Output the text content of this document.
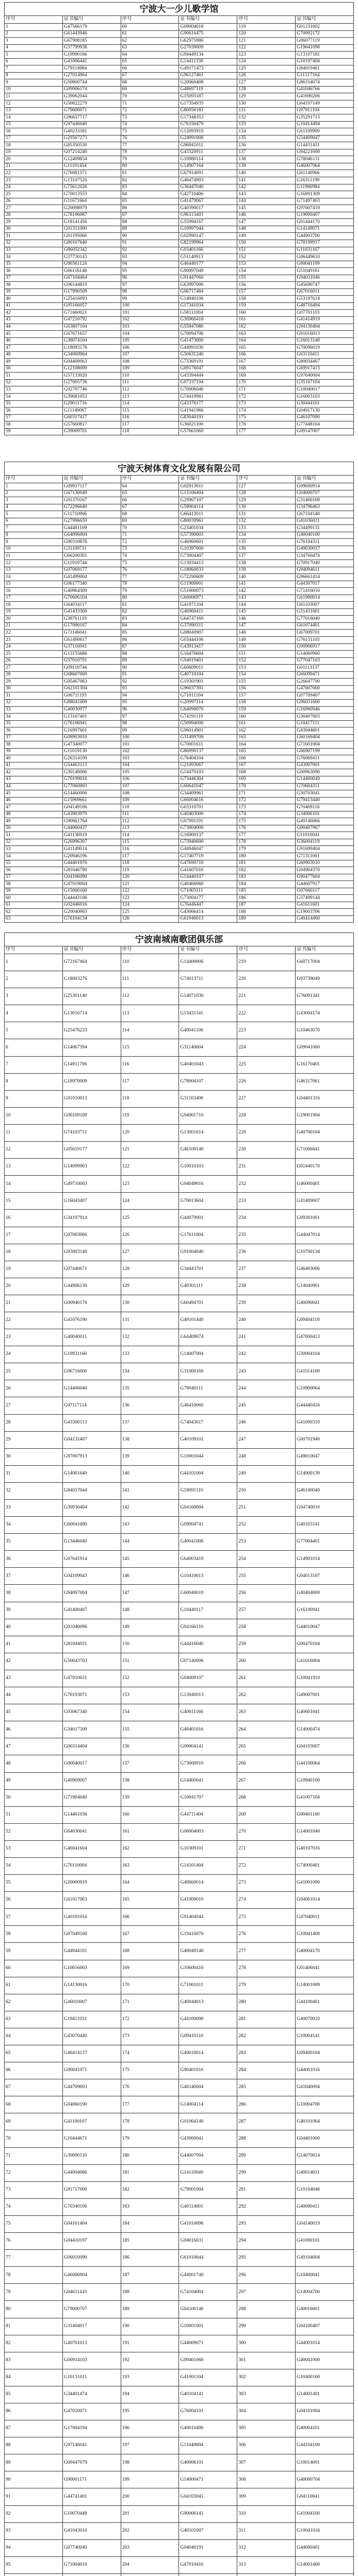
宁波大一少儿歌学馆					
序号	证书编号	序号	证书编号	序号	证书编号
1	G47566179	60	G09004018	119	G01231002
2	G61443946	61	G90616475	120	G70992172
3	G67908185	62	G62975986	121	G06077119
4	G37799938	63	G27039009	122	G19641098
5	G19990166	64	G94449134	123	G13107181
6	G41006441	65	G14411336	124	G10197404
7	G79114984	66	G49171473	125	G84019461
8	G27014964	67	G96127461	126	G11317164
9	G50800744	68	G20060408	127	G86104074
10	G09006174	69	G48697119	128	G41046766
11	G39062044	70	G15093187	129	G41690206
12	G50822279	71	G17354935	130	G64197149
13	G79600071	72	G80056181	131	G97911104
14	G96657717	73	G17348353	132	G35291713
15	G97446040	74	G76150479	133	G10414494
16	G40233181	75	G12093919	134	G61199909
17	G29567273	76	G24991008	135	G54409047
18	G85350530	77	G96941011	136	G14431411
19	G07214240	78	G43320911	137	G94221600
20	G12409834	79	G10980114	138	G78046131
21	G11101454	80	G14907164	139	G46007064
22	G76081571	81	G67914091	140	G61140966
23	G13107526	82	G46474903	141	G16311199
24	G75612026	83	G36447040	142	G11980984
25	G70013553	84	G42710406	143	G16991309
26	G11671664	85	G41479067	144	G71497403
27	G20098979	86	G40390017	145	G97607419
28	G78106087	87	G96113403	146	G19000407
29	G18141456	88	G55994167	147	G01444170
30	G01311000	89	G10997044	148	G14149071
31	G01195066	90	G02990147	149	G44903700
32	G80167640	91	G82199964	150	G78199917
33	G86052342	92	G03401166	151	G11031167
34	G37730143	93	G51140913	152	G06449610
35	G90361124	94	G46440177	153	G00041109
36	G66116148	95	G90097049	154	G51049161
37	G67104464	96	G91447060	155	G94031046
38	G96144819	97	G63997090	156	G45690747
39	G17990509	98	G06717484	157	G67016011
40	G25416093	99	G14940106	158	G53197614
41	G95166057	100	G17341034	159	G48716494
42	G71660021	101	G58111004	160	G07701103
43	G47210792	102	G36960418	161	G41414919
44	G63807104	103	G55947080	162	G94130404
45	G67671657	104	G70094706	163	G91016013
46	G38074104	105	G41473000	164	G16013140
47	G18093178	106	G44991030	165	G70096019
48	G34069964	107	G50631240	166	G63110411
49	G04409063	108	G73369191	167	G80034467
50	G12108009	109	G09176047	168	G69917413
51	G57133020	110	G43394444	169	G97640004
52	G27005736	111	G07337194	170	G35167104
53	G02707746	112	G70006046	171	G10040017
54	G39681053	113	G74419981	172	G16003103
55	G29011716	114	G43376177	173	G30444101
56	G11149067	115	G41941966	174	G04917130
57	G60317417	116	G83040191	175	G46107090
58	G57660817	117	G36021100	176	G77448104
59	G39009701	118	G57661060	177	G09147007
宁波天树体育文化发展有限公司					
序号	证书编号	序号	证书编号	序号	证书编号
1	G09917117	64	G02913011	127	G09690914
2	G67130049	65	G13106404	128	G04000707
3	G01370167	66	G29967107	129	G31460109
4	G72296640	67	G59004114	130	G34796463
5	G11710906	68	G66413011	131	G67104140
6	G27996659	69	G80039961	132	G41036011
7	G44481109	70	G23401034	133	G34499131
8	G64096004	71	G57390003	134	G40040100
9	G90310876	72	G46960601	135	G76104311
10	G31109711	73	G10397000	136	G49030017
11	G66200301	74	G73004407	137	G34760474
12	G11910744	75	G13034413	138	G70917040
13	G07069177	76	G18060033	139	G94094611
14	G41499004	77	G72290609	140	G96661414
15	G06177340	78	G11909001	141	G44307017
16	G40964309	79	G51600073	142	G71416010
17	G70606104	80	G66006971	143	G61900014
18	G64034117	81	G41971104	144	G61103007
19	G41433300	82	G46960411	145	G31431601
20	G38761119	83	G64747169	146	G77016040
21	G17090167	84	G37090311	147	G61074401
22	G71146041	85	G08040907	148	G67009701
23	G61490617	86	G03444106	149	G76131103
24	G37116941	87	G43913417	150	G90906917
25	G13155686	88	G16476604	151	G14060960
26	G57010791	89	G94019401	152	G77047103
27	G09110744	90	G60609011	153	G01113137
28	G68607069	91	G40710104	154	G66099471
29	G05467063	92	G19301901	155	G26647790
30	G62101304	93	G96037391	156	G47607660
31	G06711193	94	G71011104	157	G07709407
32	G88041009	95	G20997114	158	G96031600
33	G40030977	96	G64090070	159	G16960946
34	G13167401	97	G74191119	160	G30407003
35	G76106941	98	G50994000	161	G10417111
36	G16997601	99	G96014901	162	G43944601
37	G08903010	100	G31499709	163	G60169404
38	G47340077	101	G70001611	164	G71601004
39	G11019130	102	G86990137	165	G66907199
40	G26314109	103	G76404104	166	G76069411
41	G54463113	104	G21093067	167	G43907001
42	G30140006	105	G14470103	168	G00963090
43	G70199016	106	G73446304	169	G14400049
44	G77060903	107	G60641047	170	G70604311
45	G14460006	108	G34409961	171	G30703041
46	G15969661	109	G66004616	172	G79413440
47	G04149106	110	G63310701	173	G70409116
48	G43903970	111	G40403000	174	G34006101
49	G90661764	112	G07991191	175	G49146066
50	G44060437	113	G73004000	176	G00407967
51	G41136919	114	G16900137	177	G11010041
52	G26996307	115	G73940690	178	G36004119
53	G41149014	116	G44946047	179	G91699404
54	G20946196	117	G17407719	180	G71311001
55	G44401076	118	G47690710	181	G60903010
56	G81046790	119	G41607016	182	G04904370
57	G04106090	120	G14440107	183	G90477604
58	G47019004	121	G40466060	184	G44607917
59	G15060160	122	G71003111	185	G07660117
60	G44443106	123	G73004177	186	G37499144
61	G02446016	124	G76446447	187	G41611601
62	G20040903	125	G43066414	188	G19003706
63	G76104134	126	G61940013	189	G40414460
宁波南城南歌团俱乐部					
序号	证书编号	序号	证书编号	序号	证书编号
1	G72167464	110	G14400006	219	G60717004
2	G18003276	111	G74013711	220	G93739049
3	G25301140	112	G14071030	221	G76091341
4	G13016714	113	G13431141	222	G43004174
5	G25476233	114	G40041106	223	G10463070
6	G14067394	115	G31140604	224	G09041060
7	G14911706	116	G40401043	225	G16170401
8	G18970009	117	G79004107	226	G46317061
9	G01010013	118	G31103490	227	G04401316
10	G00109109	119	G94001710	228	G19001904
11	G74103711	120	G13001614	229	G40700104
12	G05019177	121	G46109140	230	G71006641
13	G14099903	122	G10010103	231	G01440170
14	G49710003	123	G04049016	232	G46000401
15	G16043407	124	G70013604	233	G41409007
16	G34197914	125	G44079001	234	G09301001
17	G07003066	126	G17611004	235	G44047014
18	G93003140	127	G91004040	236	G10700134
19	G07440671	128	G34443701	237	G46403006
20	G44906130	129	G40301111	238	G14040901
21	G00940176	130	G60494701	239	G40090041
22	G41076190	131	G49101440	240	G09404110
23	G40040011	132	G64409074	241	G47000413
24	G19931166	133	G14007004	242	G30004104
25	G96716000	134	G31000160	243	G41014100
26	G14406040	135	G79040111	244	G10900064
27	G07117114	136	G46410060	245	G44440416
28	G43300113	137	G74043017	246	G41000310
29	G04131407	138	G40109101	247	G00701940
30	G97007913	139	G10001044	248	G49010047
31	G14001640	140	G44101004	249	G14000139
32	G84017044	141	G19091110	250	G46100040
33	G30930404	142	G04160004	251	G04740010
34	G60041690	143	G09004741	252	G40103141
35	G13446040	144	G40041006	253	G77004401
36	G07641914	145	G64003419	254	G14901014
37	G04109043	146	G10410013	255	G04013107
38	G94097004	147	G60040019	256	G40404009
39	G41400407	148	G10440117	257	G16100941
40	G01040096	149	G04166110	258	G44010047
41	G81044031	150	G44416040	259	G00470104
42	G50043703	151	G07140006	260	G41016004
43	G47910631	152	G04009107	261	G10041910
44	G70193071	153	G13040013	262	G49007001
45	G03067340	154	G40011166	263	G40601041
46	G34017300	155	G40401016	264	G14000474
47	G00314404	156	G00004141	265	G04103007
48	G00040017	157	G73000910	266	G44100064
49	G40909007	158	G14400041	267	G10940100
50	G71904040	159	G10041707	268	G41007104
51	G14461036	160	G44711404	269	G00401160
52	G64030041	161	G06004003	270	G14001040
53	G46041604	162	G10309101	271	G40107016
54	G70110004	163	G14101404	272	G74000401
55	G20000919	164	G40660014	273	G41001090
56	G61017063	165	G41009010	274	G04061014
57	G40191016	166	G01404044	275	G47040011
58	G07049160	167	G19410070	276	G10041400
59	G44044101	168	G40049140	277	G40004170
60	G10016003	169	G10600410	278	G01406041
61	G14130016	170	G71001011	279	G14001009
62	G46010007	171	G40044013	280	G44100401
63	G19411031	172	G44100090	281	G40070010
64	G43070440	173	G09410110	282	G10004141
65	G46414137	174	G40010014	283	G09400104
66	G90041071	175	G90401016	284	G44001016
67	G44709003	176	G40140004	285	G41040094
68	G04060190	177	G14004114	286	G10004700
69	G41100107	178	G01064140	287	G40101064
70	G10444671	179	G43000041	288	G04401000
71	G30090110	180	G44007094	289	G14070014
72	G44004066	181	G14110040	290	G40014011
73	G91717000	182	G79001004	291	G10104046
74	G70340106	183	G40114001	292	G40000411
75	G04161404	184	G41010096	293	G04140019
76	G04410197	185	G04016031	294	G41000101
77	G06010090	186	G61010044	295	G49104004
78	G46006904	187	G44001740	296	G10400041
79	G04611410	188	G74104004	297	G14004700
80	G79000707	189	G04100146	298	G40016001
81	G31404017	190	G10001001	299	G04100407
82	G40701013	191	G44009071	300	G44001014
83	G00914103	192	G09401060	301	G40041000
84	G10131011	193	G41001104	302	G10400160
85	G34401474	194	G40104141	303	G14001401
86	G47010071	195	G76004101	304	G04101004
87	G17004194	196	G40010490	305	G40004101
88	G97140041	197	G11049004	306	G44104100
89	G09447079	198	G40006101	307	G10014001
90	G90001171	199	G14000471	308	G40000704
91	G44741401	200	G04103041	309	G04110041
92	G10070449	201	G90006141	310	G41004100
93	G41043010	202	G40101007	311	G10041016
94	G07740040	203	G04040191	312	G44000401
95	G71004010	204	G47010416	313	G14001460
